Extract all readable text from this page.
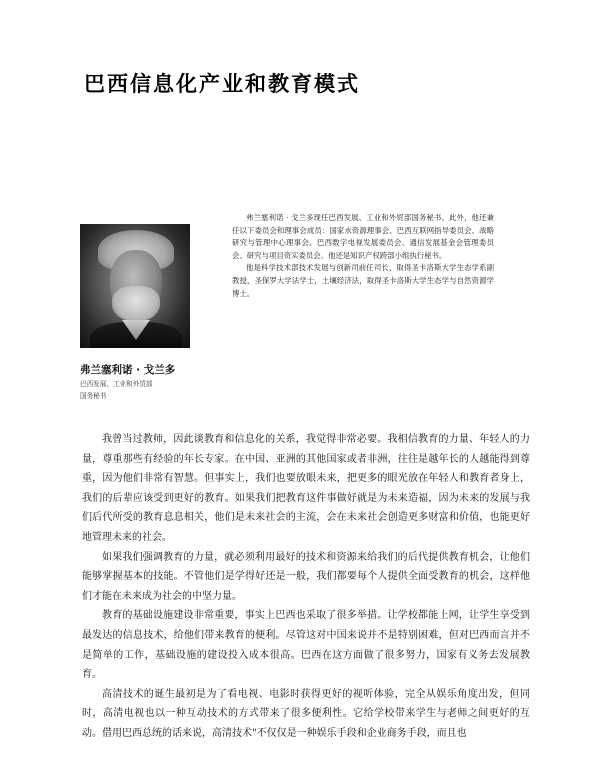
巴西信息化产业和教育模式

弗兰塞利诺 · 戈兰多现任巴西发展、工业和外贸部国务秘书。此外，他还兼任以下委员会和理事会成员：国家水资源理事会、巴西互联网指导委员会、战略研究与管理中心理事会、巴西数字电视发展委员会、通信发展基金会管理委员会、研究与项目资实委员会。他还是知识产权跨部小组执行秘书。

他是科学技术部技术发展与创新司前任司长，取得圣卡洛斯大学生态学系副教授，圣保罗大学法学士，土壤经济法，取得圣卡洛斯大学生态学与自然资源学博士。

弗兰塞利诺 · 戈兰多
巴西发展、工业和外贸部
国务秘书

我曾当过教师，因此谈教育和信息化的关系，我觉得非常必要。我相信教育的力量、年轻人的力量，尊重那些有经验的年长专家。在中国、亚洲的其他国家或者非洲，往往是越年长的人越能得到尊重，因为他们非常有智慧。但事实上，我们也要放眼未来，把更多的眼光放在年轻人和教育者身上，我们的后辈应该受到更好的教育。如果我们把教育这件事做好就是为未来造福，因为未来的发展与我们后代所受的教育息息相关，他们是未来社会的主流，会在未来社会创造更多财富和价值，也能更好地管理未来的社会。

如果我们强调教育的力量，就必须利用最好的技术和资源来给我们的后代提供教育机会，让他们能够掌握基本的技能。不管他们是学得好还是一般，我们都要每个人提供全面受教育的机会，这样他们才能在未来成为社会的中坚力量。

教育的基础设施建设非常重要，事实上巴西也采取了很多举措。让学校都能上网，让学生享受到最发达的信息技术，给他们带来教育的便利。尽管这对中国来说并不是特别困难，但对巴西而言并不是简单的工作，基础设施的建设投入成本很高。巴西在这方面做了很多努力，国家有义务去发展教育。

高清技术的诞生最初是为了看电视、电影时获得更好的视听体验，完全从娱乐角度出发，但同时，高清电视也以一种互动技术的方式带来了很多便利性。它给学校带来学生与老师之间更好的互动。借用巴西总统的话来说，高清技术"不仅仅是一种娱乐手段和企业商务手段，而且也
